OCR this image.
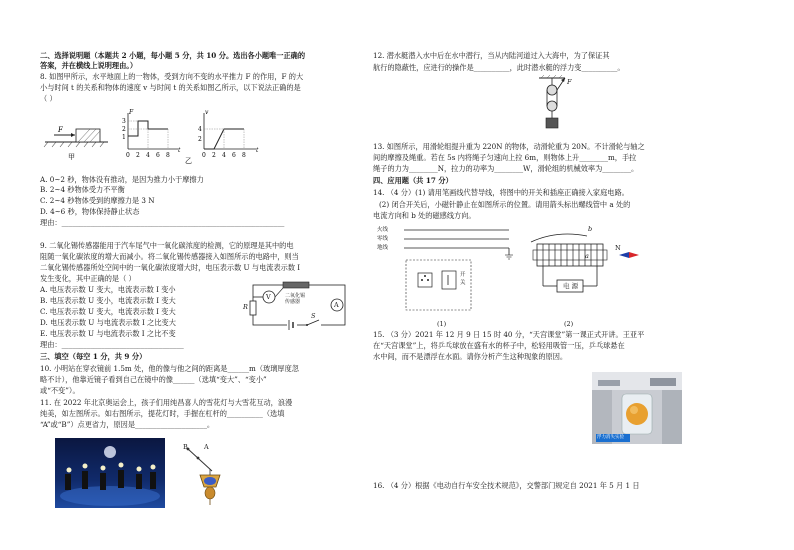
二、选择说明题（本题共 2 小题，每小题 5 分，共 10 分。选出各小题唯一正确的
答案，并在横线上说明理由。）
8. 如图甲所示，水平地面上的一物体，受到方向不变的水平推力 F 的作用，F 的大
小与时间 t 的关系和物体的速度 v 与时间 t 的关系如图乙所示，以下说法正确的是
（ ）
F
甲
F
3
2
1
0 2 4 6 8
t
乙
v
4
2
0 2 4 6 8
t
A. 0~2 秒，物体没有推动，是因为推力小于摩擦力
B. 2~4 秒物体受力不平衡
C. 2~4 秒物体受到的摩擦力是 3 N
D. 4~6 秒，物体保持静止状态
理由：______________________________________________________________
9. 二氧化锡传感器能用于汽车尾气中一氧化碳浓度的检测，它的原理是其中的电
阻随一氧化碳浓度的增大而减小。将二氧化锡传感器接入如图所示的电路中，则当
二氧化锡传感器所处空间中的一氧化碳浓度增大时，电压表示数 U 与电流表示数 I
发生变化，其中正确的是（ ）
A. 电压表示数 U 变大，电流表示数 I 变小
B. 电压表示数 U 变小，电流表示数 I 变大
C. 电压表示数 U 变大，电流表示数 I 变大
D. 电压表示数 U 与电流表示数 I 之比变大
E. 电压表示数 U 与电流表示数 I 之比不变
理由：__________________________________
V
A
R
S
二氧化锡
传感器
三、填空（每空 1 分，共 9 分）
10. 小明站在穿衣镜前 1.5m 处，他的像与他之间的距离是______m（玻璃厚度忽
略不计），他靠近镜子看到自己在镜中的像______（选填“变大”、“变小”
或“不变”）。
11. 在 2022 年北京奥运会上，孩子们用纯昌喜人的雪花灯与大雪花互动，浪漫
纯美，如左图所示。如右图所示，提花灯时，手握在杠杆的__________（选填
“A”或“B”）点更省力，原因是____________________。
B A
12. 潜水艇潜入水中后在水中潜行，当从内陆河道过入大海中，为了保证其
航行的隐蔽性，应进行的操作是__________，此时潜水艇的浮力变__________。
F
13. 如图所示，用滑轮组提升重为 220N 的物体，动滑轮重为 20N。不计滑轮与轴之
间的摩擦及绳重。若在 5s 内将绳子匀速向上拉 6m，则物体上升________m，手拉
绳子的力为________N，拉力的功率为________W，滑轮组的机械效率为________。
四、应用题（共 17 分）
14. （4 分）(1) 请用笔画线代替导线，将图中的开关和插座正确接入家庭电路。
(2) 闭合开关后，小磁针静止在如图所示的位置。请用箭头标出螺线管中 a 处的
电流方向和 b 处的磁感线方向。
火线
零线
地线
开
关
(1)
b
a
N
电 源
(2)
15. （3 分）2021 年 12 月 9 日 15 时 40 分，“天宫课堂”第一课正式开讲。王亚平
在“天宫课堂”上，将乒乓球放在盛有水的杯子中，松轻用吸管一压，乒乓球悬在
水中间，而不是漂浮在水面。请你分析产生这种现象的原因。
浮力消失实验
16. （4 分）根据《电动自行车安全技术规范》，交警部门规定自 2021 年 5 月 1 日
